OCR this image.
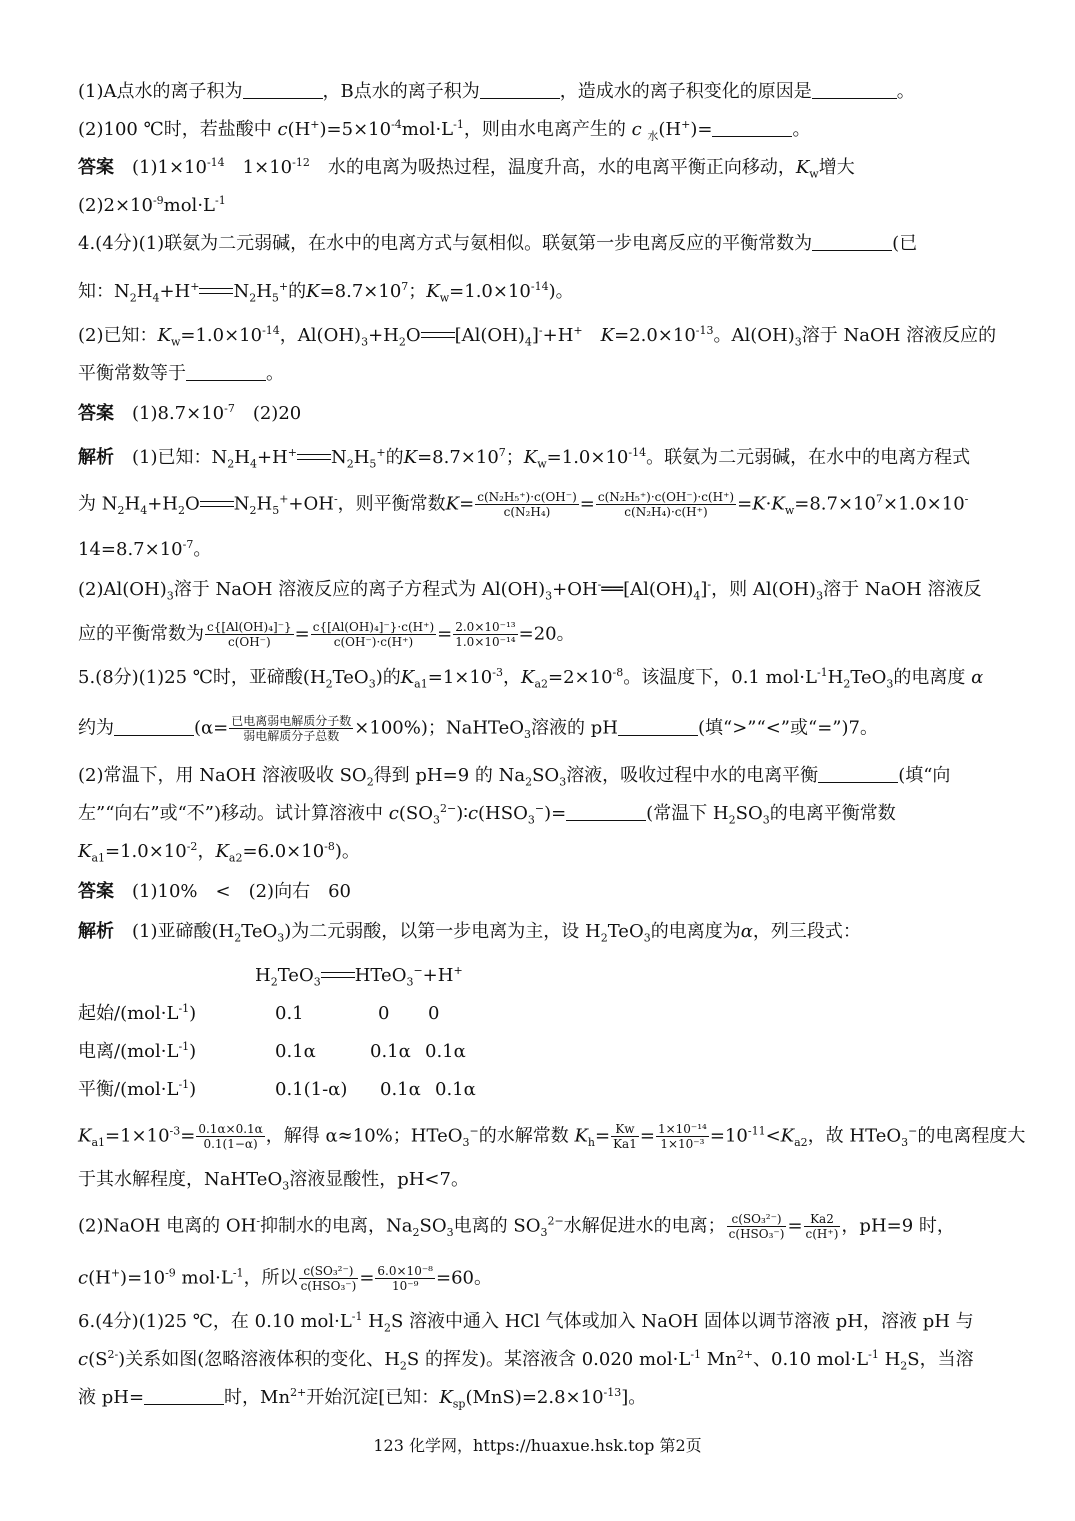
(1)A点水的离子积为	，B点水的离子积为	，造成水的离子积变化的原因是	。
(2)100 ℃时，若盐酸中 $c(H^+)=5\times 10^{-4}mol\cdot L^{-1}$，则由水电离产生的 c $_水$(H+)=	。
答案　 $(1)1\times 10^{-14}$　 $1\times 10^{-12}$　 水的电离为吸热过程，温度升高，水的电离平衡正向移动，$K_w$增大
$(2)2\times 10^{-9}mol\cdot L^{-1}$
4.(4分)(1)联氨为二元弱碱，在水中的电离方式与氨相似。联氨第一步电离反应的平衡常数为	(已
知：$N_2H_4+H^+$ $N_2H_5^+$的$K=8.7\times 10^7$；$K_w=1.0\times 10^{-14}$)。
(2)已知：$K_w=1.0\times 10^{-14}$，$Al(OH)_3+H_2O$ $[Al(OH)_4]^-+H^+$　 $K=2.0\times 10^{-13}$。$Al(OH)_3$溶于 NaOH 溶液反应的
平衡常数等于	。
答案　 $(1)8.7\times 10^{-7}$　 (2)20
解析　 (1)已知：$N_2H_4+H^+$ $N_2H_5^+$的$K=8.7\times 10^7$；$K_w=1.0\times 10^{-14}$。联氨为二元弱碱，在水中的电离方程式
为 $N_2H_4+H_2O$ $N_2H_5^++OH^-$，则平衡常数$K= \frac{\text{c(N₂H₅⁺)·c(OH⁻)}}{\text{c(N₂H₄)}} = \frac{\text{c(N₂H₅⁺)·c(OH⁻)·c(H⁺)}}{\text{c(N₂H₄)·c(H⁺)}} =K\cdot K_w=8.7\times 10^7\times 1.0\times 10^-$
$14=8.7\times 10^{-7}$。
$(2)Al(OH)_3$溶于 NaOH 溶液反应的离子方程式为 $Al(OH)_3+OH^-══[Al(OH)_4]^-$，则 $Al(OH)_3$溶于 NaOH 溶液反
应的平衡常数为 $\frac{\text{c\{[Al(OH)₄]⁻\}}}{c(OH^-)} = \frac{\text{c\{[Al(OH)₄]⁻\}·c(H⁺)}}{c(OH^-)\cdot c(H^+)} = \frac{\text{2.0×10⁻¹³}}{\text{1.0×10⁻¹⁴}} =20$。
5.(8分)(1)25 ℃时，亚碲酸$(H_2TeO_3)$的$K_{a1}=1\times 10^{-3}$，$K_{a2}=2\times 10^{-8}$。该温度下，0.1 $mol\cdot L^{-1}H_2TeO_3$的电离度 α
约为	$(\alpha= \frac{\text{已电离弱电解质分子数}}{\text{弱电解质分子总数}} \times 100\%)$；NaHTeO$_3$溶液的 pH	(填“>”“<”或“=”)7。
(2)常温下，用 NaOH 溶液吸收 $SO_2$得到 pH=9 的 $Na_2SO_3$溶液，吸收过程中水的电离平衡	(填“向
左”“向右”或“不”)移动。试计算溶液中 $c(SO_3^{2-})∶c(HSO_3^-)=$	(常温下 $H_2SO_3$的电离平衡常数
$K_{a1}=1.0\times 10^{-2}$，$K_{a2}=6.0\times 10^{-8}$)。
答案　 (1)10%　<　(2)向右　60
解析　 (1)亚碲酸$(H_2TeO_3)$为二元弱酸，以第一步电离为主，设 $H_2TeO_3$的电离度为α，列三段式：
$H_2TeO_3$ HTeO$_3$−+H+
起始$/(mol\cdot L^{-1})$	0.1	0 0
电离$/(mol\cdot L^{-1})$	0.1α	0.1α 0.1α
平衡$/(mol\cdot L^{-1})$	0.1(1-α) 0.1α 0.1α
$K_{a1}=1\times 10^{-3}= \frac{0.1\alpha\times 0.1\alpha}{0.1(1-\alpha)}$ ，解得 α≈10%；HTeO$_3$−的水解常数 $K_h= \frac{Kw}{Ka1} = \frac{\text{1×10⁻¹⁴}}{\text{1×10⁻³}} =10^{-11}<K_{a2}$，故 HTeO$_3$−的电离程度大
于其水解程度，NaHTeO$_3$溶液显酸性，pH<7。
(2)NaOH 电离的 OH-抑制水的电离，$Na_2SO_3$电离的 $SO_3^{2-}$水解促进水的电离； $\frac{\text{c(SO₃²⁻)}}{\text{c(HSO₃⁻)}} = \frac{Ka2}{c(H^+)}$ ，pH=9 时，
$c(H^+)=10^{-9}$ $mol\cdot L^{-1}$，所以 $\frac{\text{c(SO₃²⁻)}}{\text{c(HSO₃⁻)}} = \frac{\text{6.0×10⁻⁸}}{\text{10⁻⁹}} =60$。
6.(4分)(1)25 ℃，在 0.10 $mol\cdot L^{-1}$ $H_2S$ 溶液中通入 HCl 气体或加入 NaOH 固体以调节溶液 pH，溶液 pH 与
$c(S^{2-})$关系如图(忽略溶液体积的变化、$H_2S$ 的挥发)。某溶液含 0.020 $mol\cdot L^{-1}$ $Mn^{2+}$、0.10 $mol\cdot L^{-1}$ $H_2S$，当溶
液 pH=	时，$Mn^{2+}$开始沉淀[已知：$K_{sp}(MnS)=2.8\times 10^{-13}$]。
123 化学网，https://huaxue.hsk.top 第2页
